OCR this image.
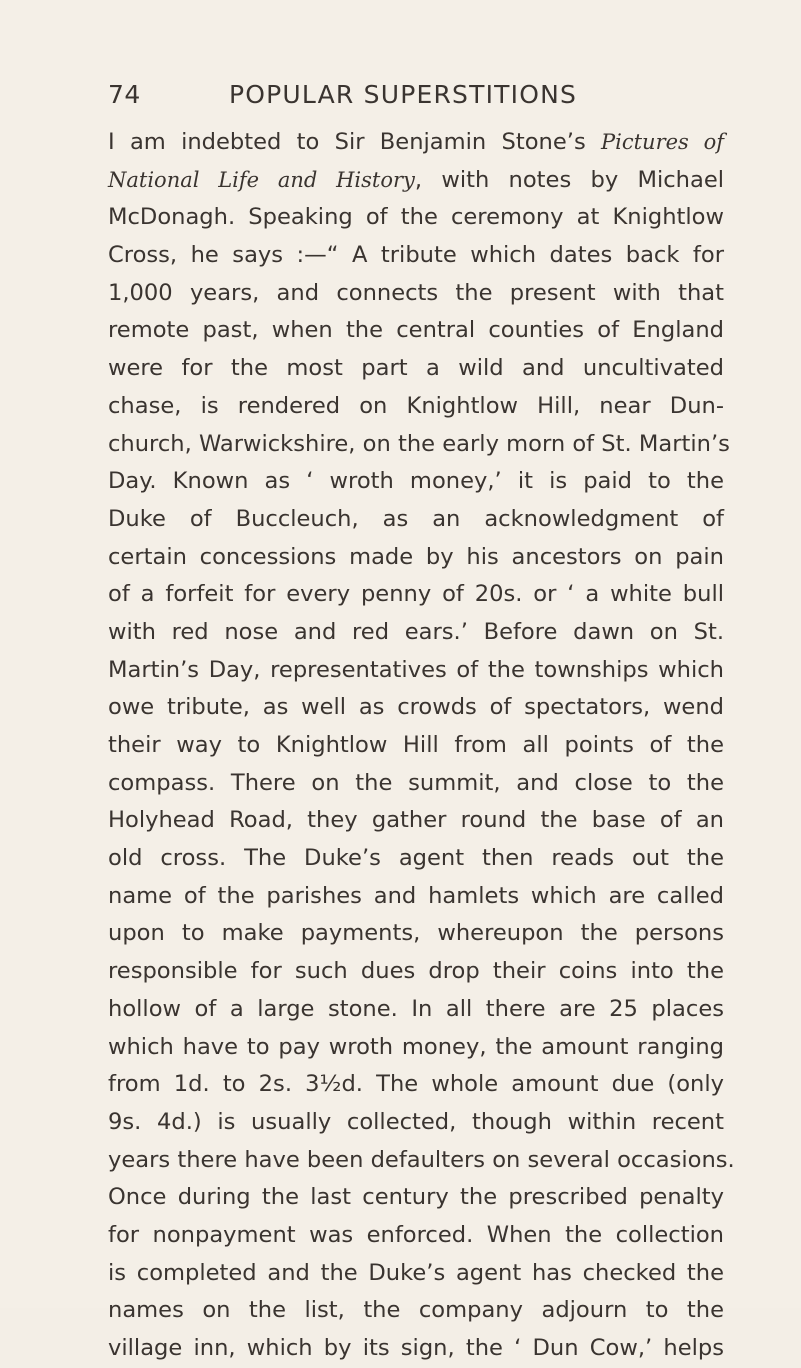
74	POPULAR SUPERSTITIONS
I am indebted to Sir Benjamin Stone’s Pictures of
National Life and History, with notes by Michael
McDonagh. Speaking of the ceremony at Knightlow
Cross, he says :—“ A tribute which dates back for
1,000 years, and connects the present with that
remote past, when the central counties of England
were for the most part a wild and uncultivated
chase, is rendered on Knightlow Hill, near Dun-
church, Warwickshire, on the early morn of St. Martin’s
Day. Known as ‘ wroth money,’ it is paid to the
Duke of Buccleuch, as an acknowledgment of
certain concessions made by his ancestors on pain
of a forfeit for every penny of 20s. or ‘ a white bull
with red nose and red ears.’ Before dawn on St.
Martin’s Day, representatives of the townships which
owe tribute, as well as crowds of spectators, wend
their way to Knightlow Hill from all points of the
compass. There on the summit, and close to the
Holyhead Road, they gather round the base of an
old cross. The Duke’s agent then reads out the
name of the parishes and hamlets which are called
upon to make payments, whereupon the persons
responsible for such dues drop their coins into the
hollow of a large stone. In all there are 25 places
which have to pay wroth money, the amount ranging
from 1d. to 2s. 3½d. The whole amount due (only
9s. 4d.) is usually collected, though within recent
years there have been defaulters on several occasions.
Once during the last century the prescribed penalty
for nonpayment was enforced. When the collection
is completed and the Duke’s agent has checked the
names on the list, the company adjourn to the
village inn, which by its sign, the ‘ Dun Cow,’ helps
